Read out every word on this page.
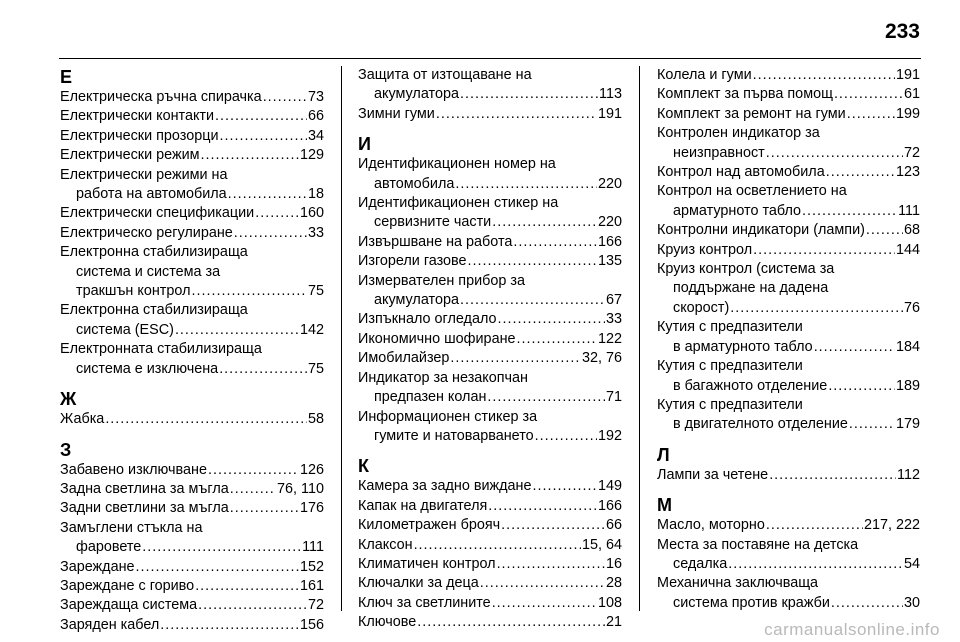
233
Е
Електрическа ръчна спирачка .....	73
Електрически контакти .....	66
Електрически прозорци .....	34
Електрически режим .....	129
Електрически режими на
работа на автомобила .....	18
Електрически спецификации .....	160
Електрическо регулиране .....	33
Електронна стабилизираща
система и система за
тракшън контрол .....	75
Електронна стабилизираща
система (ESC) .....	142
Електронната стабилизираща
система е изключена .....	75
Ж
Жабка .....	58
З
Забавено изключване .....	126
Задна светлина за мъгла .....	76, 110
Задни светлини за мъгла .....	176
Замъглени стъкла на
фаровете .....	111
Зареждане .....	152
Зареждане с гориво .....	161
Зареждаща система .....	72
Заряден кабел .....	156
Защита от изтощаване на
акумулатора .....	113
Зимни гуми .....	191
И
Идентификационен номер на
автомобила .....	220
Идентификационен стикер на
сервизните части .....	220
Извършване на работа .....	166
Изгорели газове .....	135
Измервателен прибор за
акумулатора .....	67
Изпъкнало огледало .....	33
Икономично шофиране .....	122
Имобилайзер .....	32, 76
Индикатор за незакопчан
предпазен колан .....	71
Информационен стикер за
гумите и натоварването .....	192
К
Камера за задно виждане .....	149
Капак на двигателя .....	166
Километражен брояч .....	66
Клаксон .....	15, 64
Климатичен контрол .....	16
Ключалки за деца .....	28
Ключ за светлините .....	108
Ключове .....	21
Колела и гуми .....	191
Комплект за първа помощ .....	61
Комплект за ремонт на гуми .....	199
Контролен индикатор за
неизправност .....	72
Контрол над автомобила .....	123
Контрол на осветлението на
арматурното табло .....	111
Контролни индикатори (лампи) .....	68
Круиз контрол .....	144
Круиз контрол (система за
поддържане на дадена
скорост) .....	76
Кутия с предпазители
в арматурното табло .....	184
Кутия с предпазители
в багажното отделение .....	189
Кутия с предпазители
в двигателното отделение .....	179
Л
Лампи за четене .....	112
М
Масло, моторно .....	217, 222
Места за поставяне на детска
седалка .....	54
Механична заключваща
система против кражби .....	30
carmanualsonline.info
